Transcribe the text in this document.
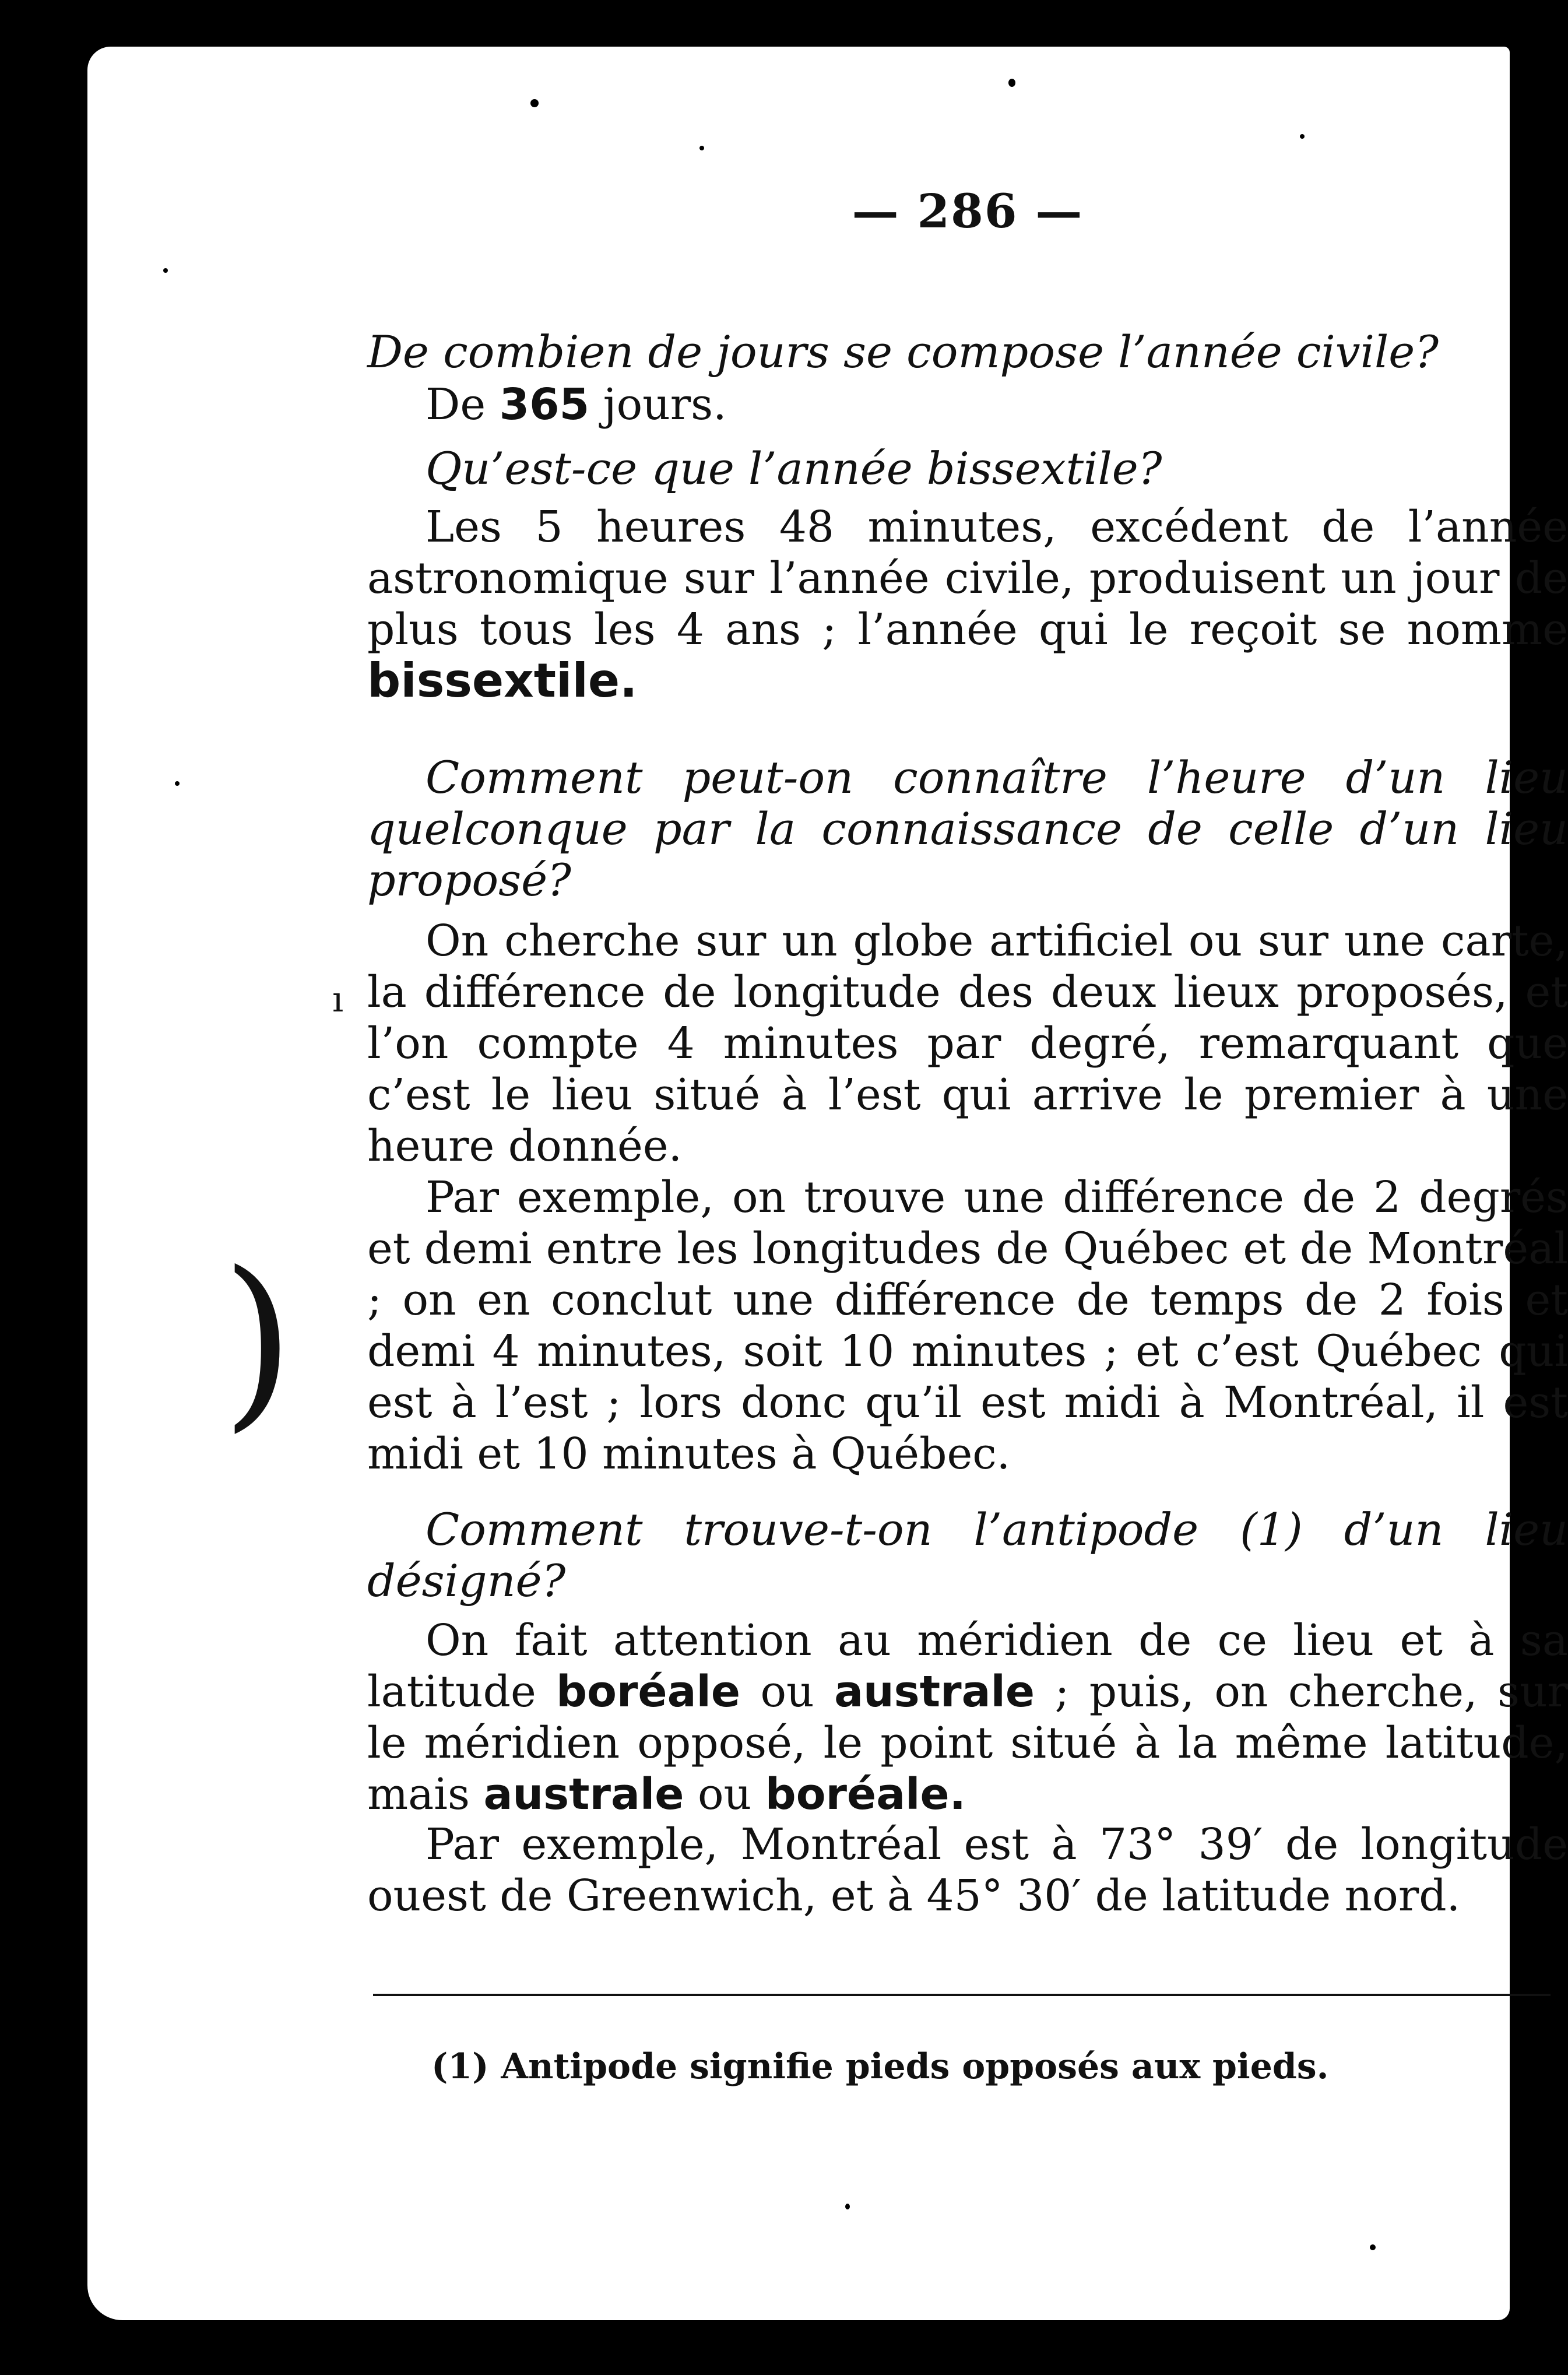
)
ı
— 286 —
De combien de jours se compose l’année civile?
De 365 jours.
Qu’est-ce que l’année bissextile?
Les 5 heures 48 minutes, excédent de l’année astronomique sur l’année civile, produisent un jour de plus tous les 4 ans ; l’année qui le reçoit se nomme bissextile.
Comment peut-on connaître l’heure d’un lieu quelconque par la connaissance de celle d’un lieu proposé?
On cherche sur un globe artificiel ou sur une carte, la différence de longitude des deux lieux proposés, et l’on compte 4 minutes par degré, remarquant que c’est le lieu situé à l’est qui arrive le premier à une heure donnée.
Par exemple, on trouve une différence de 2 degrés et demi entre les longitudes de Québec et de Montréal ; on en conclut une différence de temps de 2 fois et demi 4 minutes, soit 10 minutes ; et c’est Québec qui est à l’est ; lors donc qu’il est midi à Montréal, il est midi et 10 minutes à Québec.
Comment trouve-t-on l’antipode (1) d’un lieu désigné?
On fait attention au méridien de ce lieu et à sa latitude boréale ou australe ; puis, on cherche, sur le méridien opposé, le point situé à la même latitude, mais australe ou boréale.
Par exemple, Montréal est à 73° 39′ de longitude ouest de Greenwich, et à 45° 30′ de latitude nord.
(1) Antipode signifie pieds opposés aux pieds.
